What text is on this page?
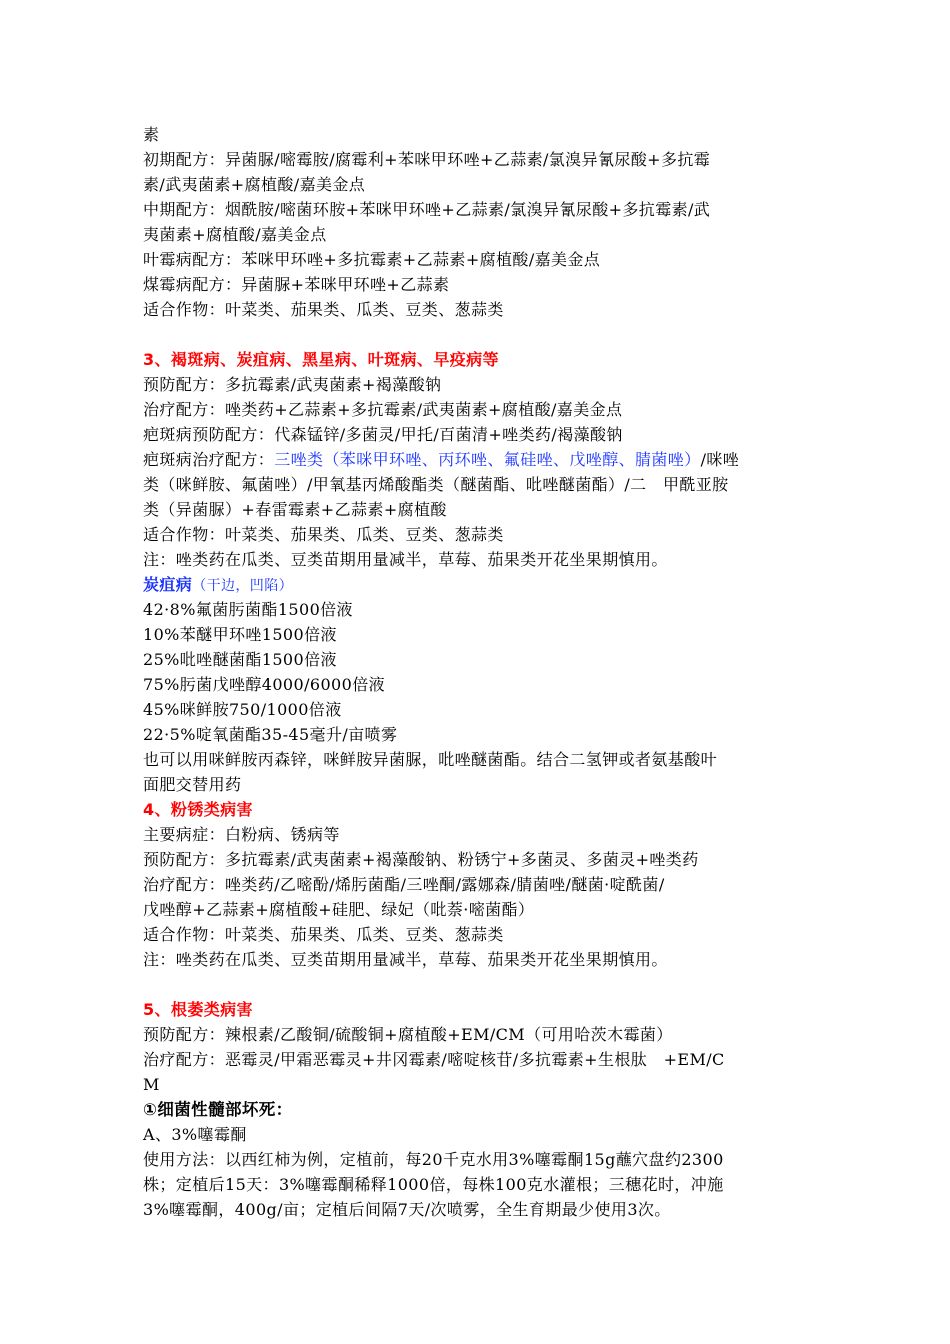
素
初期配方：异菌脲/嘧霉胺/腐霉利+苯咪甲环唑+乙蒜素/氯溴异氰尿酸+多抗霉
素/武夷菌素+腐植酸/嘉美金点
中期配方：烟酰胺/嘧菌环胺+苯咪甲环唑+乙蒜素/氯溴异氰尿酸+多抗霉素/武
夷菌素+腐植酸/嘉美金点
叶霉病配方：苯咪甲环唑+多抗霉素+乙蒜素+腐植酸/嘉美金点
煤霉病配方：异菌脲+苯咪甲环唑+乙蒜素
适合作物：叶菜类、茄果类、瓜类、豆类、葱蒜类
3、褐斑病、炭疽病、黑星病、叶斑病、早疫病等
预防配方：多抗霉素/武夷菌素+褐藻酸钠
治疗配方：唑类药+乙蒜素+多抗霉素/武夷菌素+腐植酸/嘉美金点
疤斑病预防配方：代森锰锌/多菌灵/甲托/百菌清+唑类药/褐藻酸钠
疤斑病治疗配方：三唑类（苯咪甲环唑、丙环唑、氟硅唑、戊唑醇、腈菌唑）/咪唑
类（咪鲜胺、氟菌唑）/甲氧基丙烯酸酯类（醚菌酯、吡唑醚菌酯）/二　甲酰亚胺
类（异菌脲）+春雷霉素+乙蒜素+腐植酸
适合作物：叶菜类、茄果类、瓜类、豆类、葱蒜类
注：唑类药在瓜类、豆类苗期用量减半，草莓、茄果类开花坐果期慎用。
炭疽病（干边，凹陷）
42·8%氟菌肟菌酯1500倍液
10%苯醚甲环唑1500倍液
25%吡唑醚菌酯1500倍液
75%肟菌戊唑醇4000/6000倍液
45%咪鲜胺750/1000倍液
22·5%啶氧菌酯35-45毫升/亩喷雾
也可以用咪鲜胺丙森锌，咪鲜胺异菌脲，吡唑醚菌酯。结合二氢钾或者氨基酸叶
面肥交替用药
4、粉锈类病害
主要病症：白粉病、锈病等
预防配方：多抗霉素/武夷菌素+褐藻酸钠、粉锈宁+多菌灵、多菌灵+唑类药
治疗配方：唑类药/乙嘧酚/烯肟菌酯/三唑酮/露娜森/腈菌唑/醚菌·啶酰菌/
戊唑醇+乙蒜素+腐植酸+硅肥、绿妃（吡萘·嘧菌酯）
适合作物：叶菜类、茄果类、瓜类、豆类、葱蒜类
注：唑类药在瓜类、豆类苗期用量减半，草莓、茄果类开花坐果期慎用。
5、根萎类病害
预防配方：辣根素/乙酸铜/硫酸铜+腐植酸+EM/CM（可用哈茨木霉菌）
治疗配方：恶霉灵/甲霜恶霉灵+井冈霉素/嘧啶核苷/多抗霉素+生根肽　+EM/C
M
①细菌性髓部坏死：
A、3%噻霉酮
使用方法：以西红柿为例，定植前，每20千克水用3%噻霉酮15g蘸穴盘约2300
株；定植后15天：3%噻霉酮稀释1000倍，每株100克水灌根；三穗花时，冲施
3%噻霉酮，400g/亩；定植后间隔7天/次喷雾，全生育期最少使用3次。
